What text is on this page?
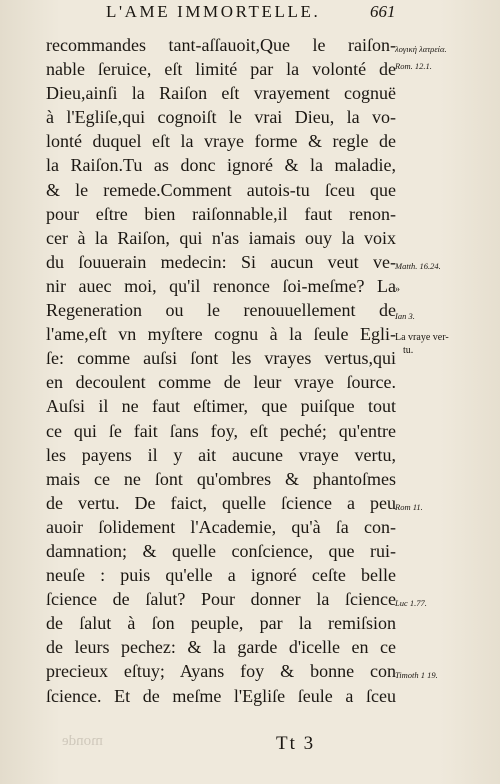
L'AME IMMORTELLE.	661
recommandes tant-aſſauoit,Que le raiſon-
nable ſeruice, eſt limité par la volonté de
Dieu,ainſi la Raiſon eſt vrayement cognuë
à l'Egliſe,qui cognoiſt le vrai Dieu, la vo-
lonté duquel eſt la vraye forme & regle de
la Raiſon.Tu as donc ignoré & la maladie,
& le remede.Comment autois-tu ſceu que
pour eſtre bien raiſonnable,il faut renon-
cer à la Raiſon, qui n'as iamais ouy la voix
du ſouuerain medecin: Si aucun veut ve-
nir auec moi, qu'il renonce ſoi-meſme? La
Regeneration ou le renouuellement de
l'ame,eſt vn myſtere cognu à la ſeule Egli-
ſe: comme auſsi ſont les vrayes vertus,qui
en decoulent comme de leur vraye ſource.
Auſsi il ne faut eſtimer, que puiſque tout
ce qui ſe fait ſans foy, eſt peché; qu'entre
les payens il y ait aucune vraye vertu,
mais ce ne ſont qu'ombres & phantoſmes
de vertu. De faict, quelle ſcience a peu
auoir ſolidement l'Academie, qu'à ſa con-
damnation; & quelle conſcience, que rui-
neuſe : puis qu'elle a ignoré ceſte belle
ſcience de ſalut? Pour donner la ſcience
de ſalut à ſon peuple, par la remiſsion
de leurs pechez: & la garde d'icelle en ce
precieux eſtuy; Ayans foy & bonne con
ſcience. Et de meſme l'Egliſe ſeule a ſceu
λογικὴ λατρεία.
Rom. 12.1.
Matth. 16.24.
»
Ian 3.
La vraye ver-
tu.
Rom 11.
Luc 1.77.
Timoth 1 19.
monde	Tt 3
